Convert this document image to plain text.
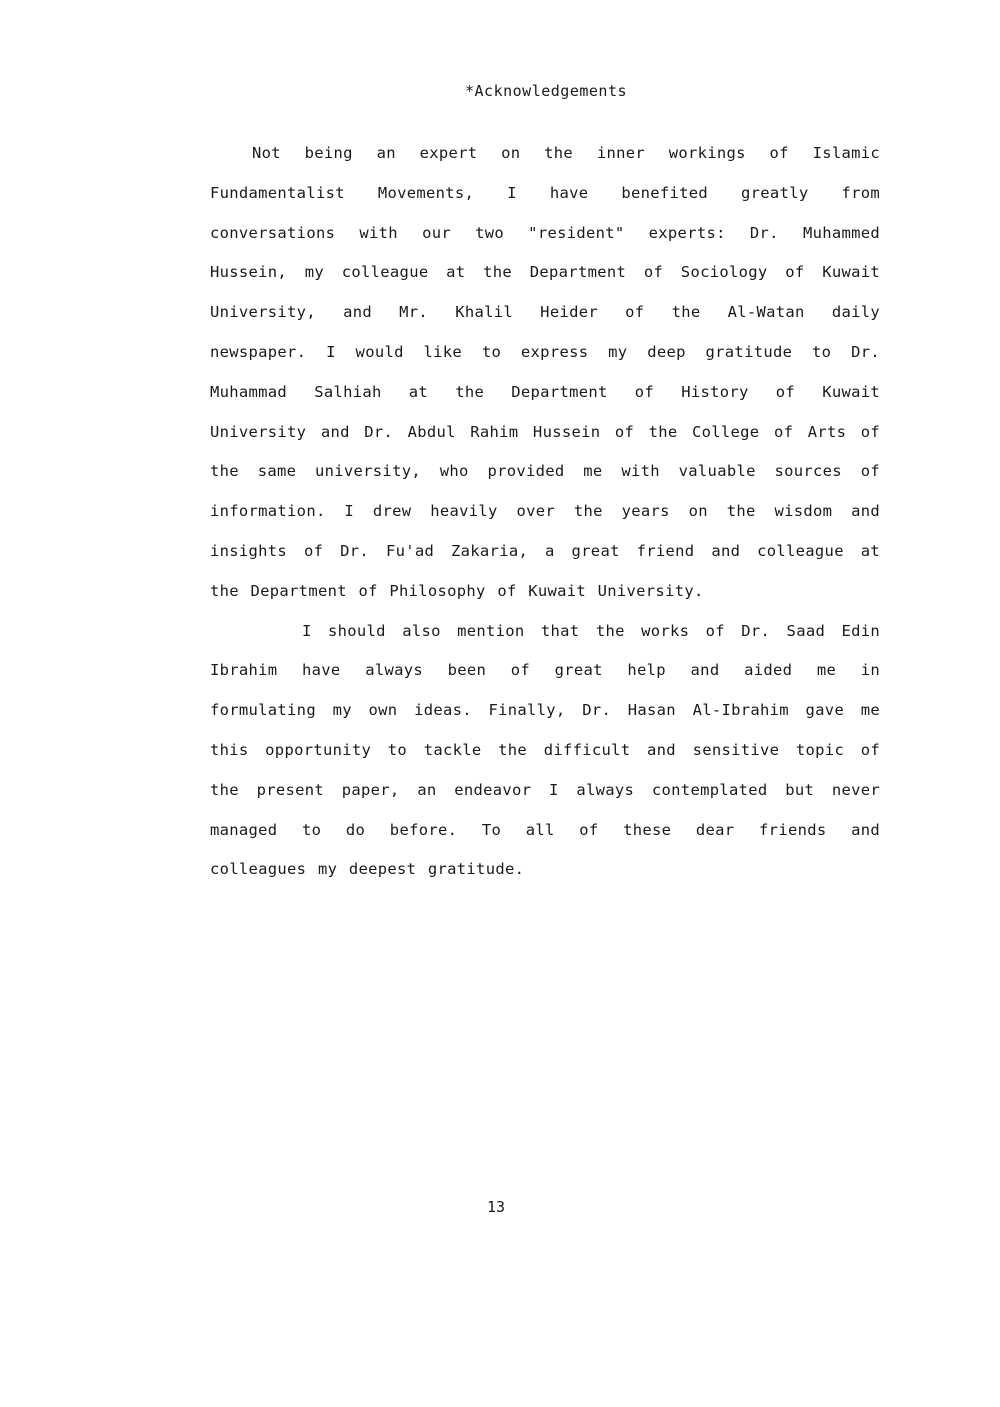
*Acknowledgements
Not being an expert on the inner workings of Islamic
Fundamentalist Movements, I have benefited greatly from
conversations with our two "resident" experts: Dr. Muhammed
Hussein, my colleague at the Department of Sociology of Kuwait
University, and Mr. Khalil Heider of the Al-Watan daily
newspaper. I would like to express my deep gratitude to Dr.
Muhammad Salhiah at the Department of History of Kuwait
University and Dr. Abdul Rahim Hussein of the College of Arts of
the same university, who provided me with valuable sources of
information. I drew heavily over the years on the wisdom and
insights of Dr. Fu'ad Zakaria, a great friend and colleague at
the Department of Philosophy of Kuwait University.
I should also mention that the works of Dr. Saad Edin
Ibrahim have always been of great help and aided me in
formulating my own ideas. Finally, Dr. Hasan Al-Ibrahim gave me
this opportunity to tackle the difficult and sensitive topic of
the present paper, an endeavor I always contemplated but never
managed to do before. To all of these dear friends and
colleagues my deepest gratitude.
13
